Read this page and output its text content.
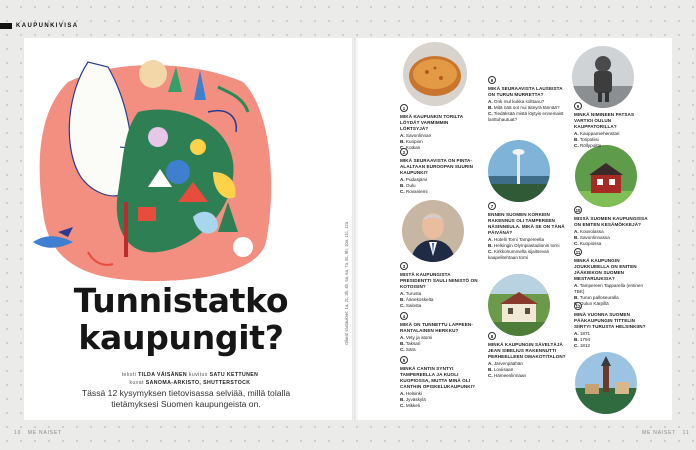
KAUPUNKIVISA
Tunnistatko
kaupungit?
teksti TILDA VÄISÄNEN kuvitus SATU KETTUNEN
kuvat SANOMA-ARKISTO, SHUTTERSTOCK
Tässä 12 kysymyksen tietovisassa selviää, millä tolalla tietämyksesi Suomen kaupungeista on.
1
MIKÄ KAUPUNKIN TORILTA LÖYDÄT VARMIMMIN LÖRTSYJÄ?
A. Savonlinnan
B. Kuopion
C. Kotkan
2
MIKÄ SEURAAVISTA ON PINTA-ALALTAAN EUROOPAN SUURIN KAUPUNKI?
A. Pudasjärvi
B. Oulu
C. Rovaniemi
3
MISTÄ KAUPUNGISTA PRESIDENTTI SAULI NIINISTÖ ON KOTOISIN?
A. Turusta
B. Äänekoskelta
C. Salosta
4
MIKÄ ON TUNNETTU LAPPEEN-RANTALAINEN HERKKU?
A. Vety ja atomi
B. Taksari
C. Särä
5
MINKÄ CANTIN SYNTYI TAMPEREELLA JA KUOLI KUOPIOSSA, MUTTA MINÄ OLI CANTHIN OPISKELUKAUPUNKI?
A. Helsinki
B. Jyväskylä
C. Mikkeli
6
MIKÄ SEURAAVISTA LAUSEISTA ON TURUN MURRETTA?
A. Onk mul kukka solttanu?
B. Mitä nää oot nui äiteyrä tännää?
C. Tiedäksää mistä löytyis ennemaist lanttuhautuat?
7
ENNEN SUOMEN KORKEIN RAKENNUS OLI TAMPEREEN NÄSINNEULA. MIKÄ SE ON TÄNÄ PÄIVÄNÄ?
A. Hotelli Torni Tampereella
B. Helsingin Olympiastadionin torni
C. Kirkkonummella sijaitsevan kaapelitehtaan torni
8
MINKÄ KAUPUNGIN SÄVELTÄJÄ JEAN SIBELIUS RAKENNUTTI PERHEELLEEN OMAKOTITALON?
A. Järvenpäähän
B. Loviisaan
C. Hämeenlinnaan
9
MINKÄ NIMINEEN PATSAS VARTIOI OULUN KAUPPATORILLA?
A. Kauppamiehenstari
B. Toripoliisi
C. Röllypoittu
10
MISSÄ SUOMEN KAUPUNGISSA ON ENITEN KESÄMÖKKEJÄ?
A. Kouvolassa
B. Savonlinnassa
C. Kuopiossa
11
MINKÄ KAUPUNGIN JOUKKUEELLA ON ENITEN JÄÄKIEKON SUOMEN MESTARUUKSIA?
A. Tampereen Tapparella (entinen TBK)
B. Turun palloseuralla
C. Oulun Kärpillä
12
MINÄ VUONNA SUOMEN PÄÄKAUPUNGIN TITTELIN SIIRTYI TURUSTA HELSINKIIN?
A. 1871
B. 1794
C. 1812
10 ME NAISET	ME NAISET 11
